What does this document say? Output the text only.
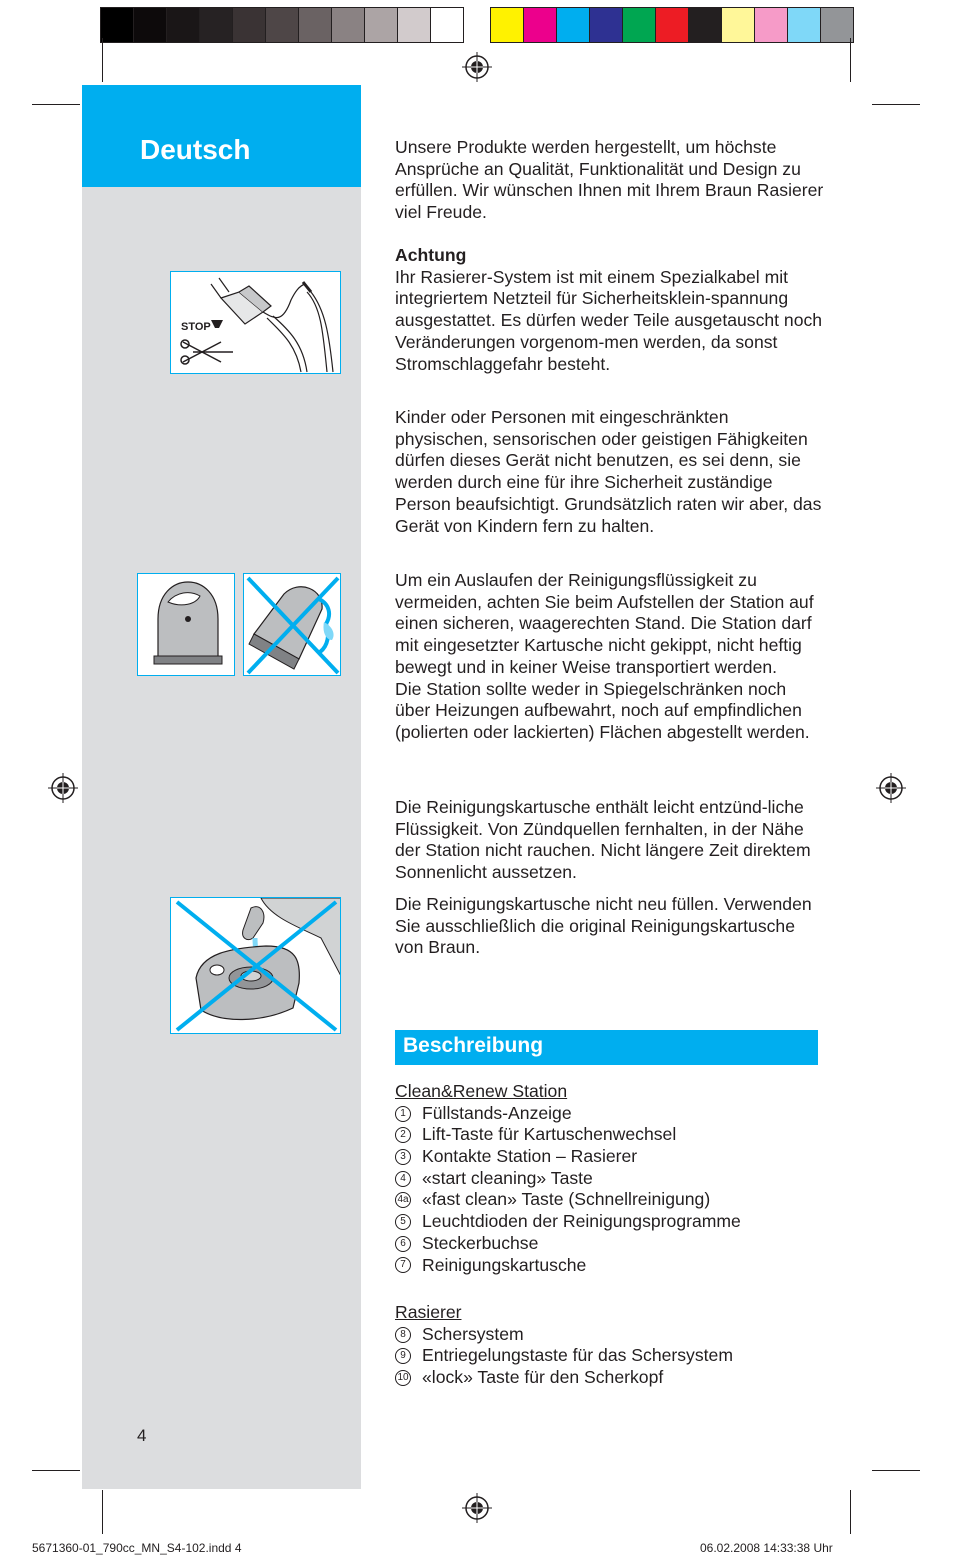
Deutsch
STOP

Unsere Produkte werden hergestellt, um höchste Ansprüche an Qualität, Funktionalität und Design zu erfüllen. Wir wünschen Ihnen mit Ihrem Braun Rasierer viel Freude.

Achtung

Ihr Rasierer-System ist mit einem Spezialkabel mit integriertem Netzteil für Sicherheitsklein-spannung ausgestattet. Es dürfen weder Teile ausgetauscht noch Veränderungen vorgenom-men werden, da sonst Stromschlaggefahr besteht.

Kinder oder Personen mit eingeschränkten physischen, sensorischen oder geistigen Fähigkeiten dürfen dieses Gerät nicht benutzen, es sei denn, sie werden durch eine für ihre Sicherheit zuständige Person beaufsichtigt. Grundsätzlich raten wir aber, das Gerät von Kindern fern zu halten.

Um ein Auslaufen der Reinigungsflüssigkeit zu vermeiden, achten Sie beim Aufstellen der Station auf einen sicheren, waagerechten Stand. Die Station darf mit eingesetzter Kartusche nicht gekippt, nicht heftig bewegt und in keiner Weise transportiert werden.

Die Station sollte weder in Spiegelschränken noch über Heizungen aufbewahrt, noch auf empfindlichen (polierten oder lackierten) Flächen abgestellt werden.

Die Reinigungskartusche enthält leicht entzünd-liche Flüssigkeit. Von Zündquellen fernhalten, in der Nähe der Station nicht rauchen. Nicht längere Zeit direktem Sonnenlicht aussetzen.

Die Reinigungskartusche nicht neu füllen. Verwenden Sie ausschließlich die original Reinigungskartusche von Braun.

Beschreibung

Clean&Renew Station

1 Füllstands-Anzeige
2 Lift-Taste für Kartuschenwechsel
3 Kontakte Station – Rasierer
4 «start cleaning» Taste
4a «fast clean» Taste (Schnellreinigung)
5 Leuchtdioden der Reinigungsprogramme
6 Steckerbuchse
7 Reinigungskartusche

Rasierer

8 Schersystem
9 Entriegelungstaste für das Schersystem
10 «lock» Taste für den Scherkopf
4
5671360-01_790cc_MN_S4-102.indd 4	06.02.2008 14:33:38 Uhr
